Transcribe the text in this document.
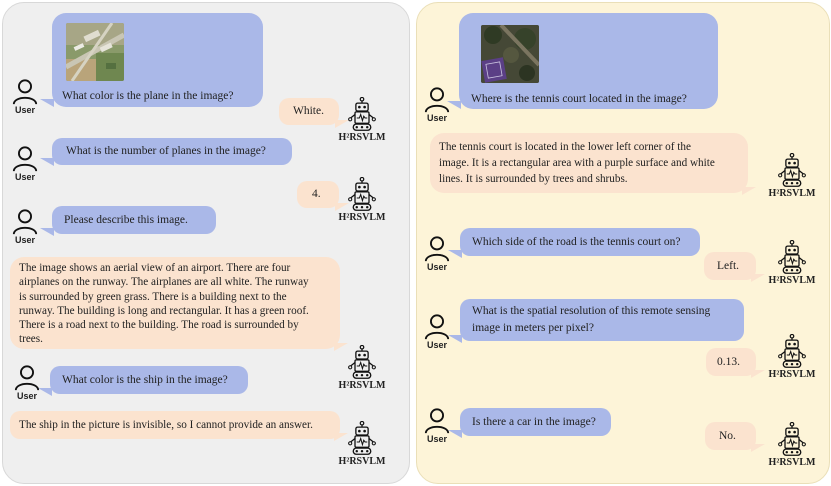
What color is the plane in the image?
User	White.
H²RSVLM
What is the number of planes in the image?
User
4.
H²RSVLM
Please describe this image.
User
The image shows an aerial view of an airport. There are four
airplanes on the runway. The airplanes are all white. The runway
is surrounded by green grass. There is a building next to the
runway. The building is long and rectangular. It has a green roof.
There is a road next to the building. The road is surrounded by
trees.
H²RSVLM
What color is the ship in the image?
User
The ship in the picture is invisible, so I cannot provide an answer.
H²RSVLM
Where is the tennis court located in the image?
User
The tennis court is located in the lower left corner of the
image. It is a rectangular area with a purple surface and white
lines. It is surrounded by trees and shrubs.
H²RSVLM
Which side of the road is the tennis court on?
User	Left.
H²RSVLM
What is the spatial resolution of this remote sensing
image in meters per pixel?
User
0.13.
H²RSVLM
Is there a car in the image?
User	No.
H²RSVLM
